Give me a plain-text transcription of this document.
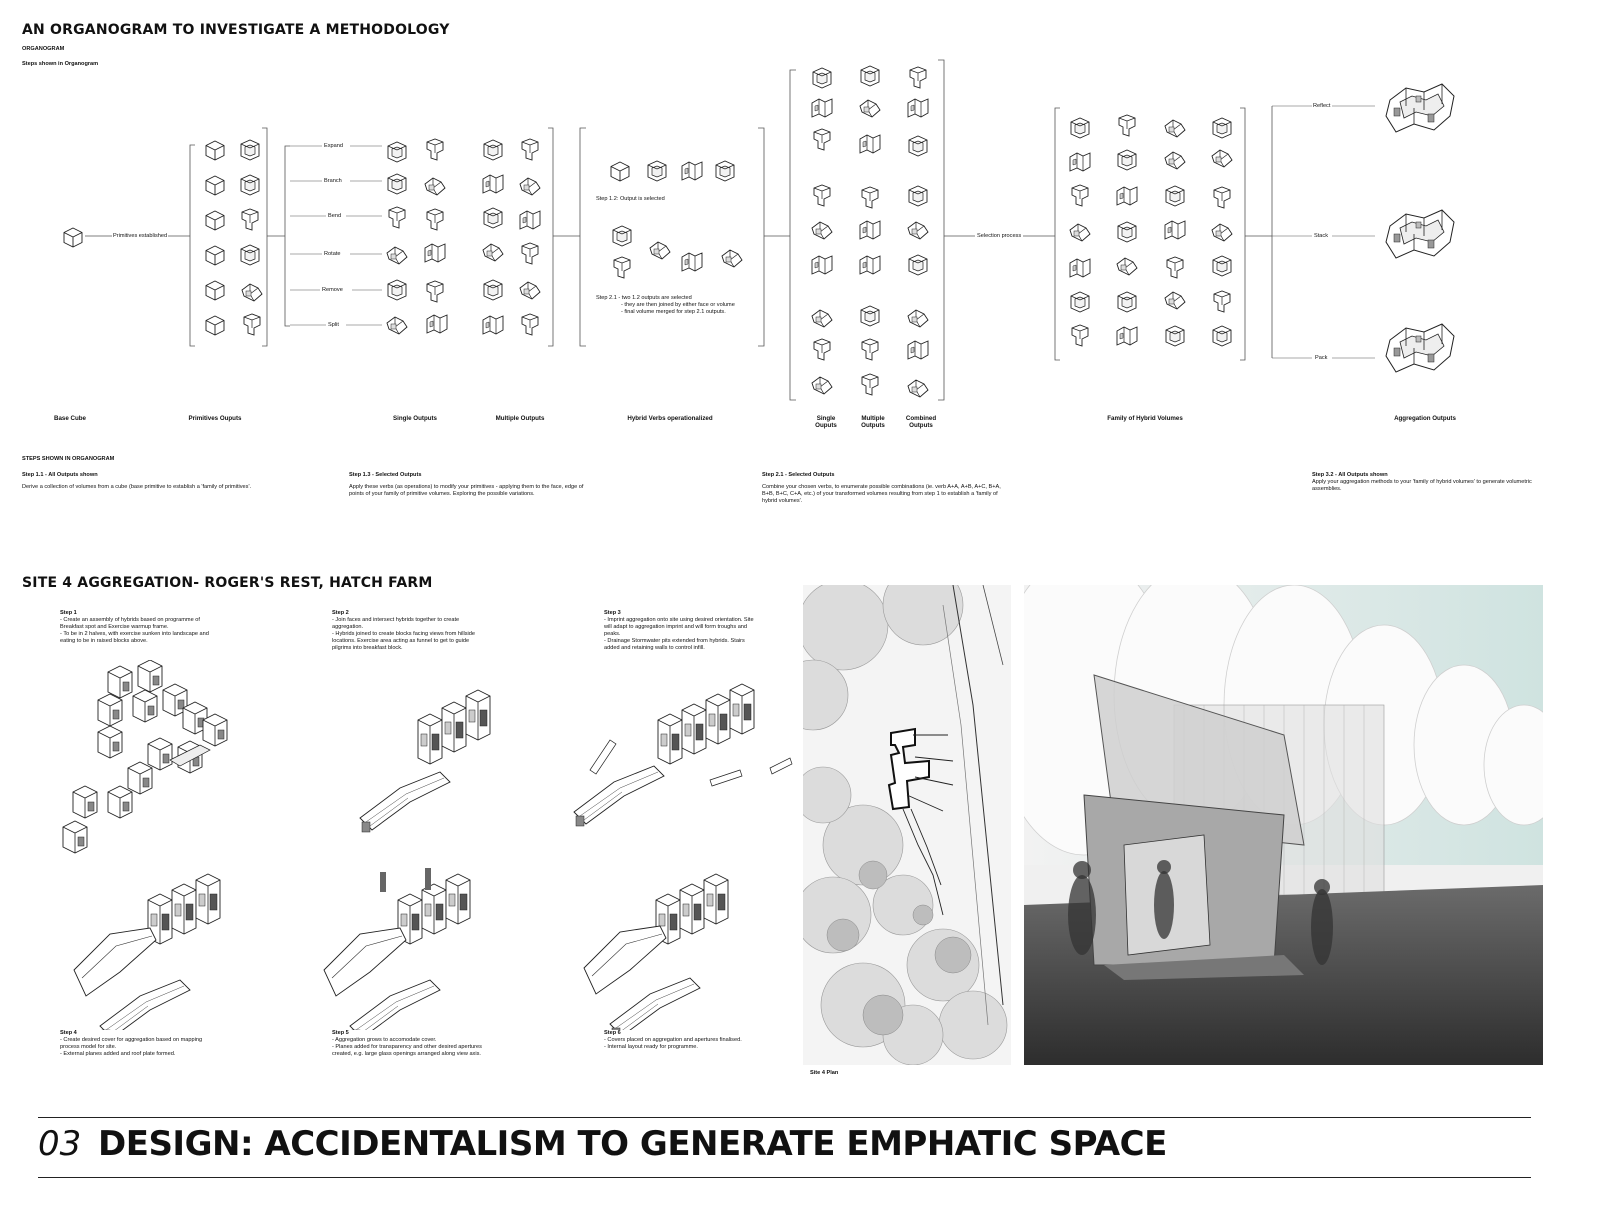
AN ORGANOGRAM TO INVESTIGATE A METHODOLOGY
ORGANOGRAM
Steps shown in Organogram
Primitives established
Expand
Branch
Bend
Rotate
Remove
Split
Step 1.2: Output is selected
Step 2.1 - two 1.2 outputs are selected
- they are then joined by either face or volume
- final volume merged for step 2.1 outputs.
Selection process
Reflect
Stack
Pack
Base Cube	Primitives Ouputs	Single Outputs	Multiple Outputs	Hybrid Verbs operationalized	Single
Ouputs
Multiple
Outputs
Combined
Outputs
Family of Hybrid Volumes	Aggregation Outputs
STEPS SHOWN IN ORGANOGRAM
Step 1.1 - All Outputs shown
Derive a collection of volumes from a cube (base primitive to establish a 'family of primitives'.
Step 1.3 - Selected Outputs
Apply these verbs (as operations) to modify your primitives - applying them to the face, edge of points of your family of primitive volumes. Exploring the possible variations.
Step 2.1 - Selected Outputs
Combine your chosen verbs, to enumerate possible combinations (ie. verb A+A, A+B, A+C, B+A, B+B, B+C, C+A, etc.) of your transformed volumes resulting from step 1 to establish a 'family of hybrid volumes'.
Step 3.2 - All Outputs shown
Apply your aggregation methods to your 'family of hybrid volumes' to generate volumetric assemblies.
SITE 4 AGGREGATION- ROGER'S REST, HATCH FARM

Step 1

- Create an assembly of hybrids based on programme of Breakfast spot and Exercise warmup frame.

- To be in 2 halves, with exercise sunken into landscape and eating to be in raised blocks above.

Step 2

- Join faces and intersect hybrids together to create aggregation.

- Hybrids joined to create blocks facing views from hillside locations. Exercise area acting as funnel to get to guide pilgrims into breakfast block.

Step 3

- Imprint aggregation onto site using desired orientation. Site will adapt to aggregation imprint and will form troughs and peaks.

- Drainage Stormwater pits extended from hybrids. Stairs added and retaining walls to control infill.

Step 4

- Create desired cover for aggregation based on mapping process model for site.

- External planes added and roof plate formed.

Step 5

- Aggregation grows to accomodate cover.

- Planes added for transparency and other desired apertures created, e.g. large glass openings arranged along view axis.

Step 6

- Covers placed on aggregation and apertures finalised.

- Internal layout ready for programme.

Site 4 Plan
03 DESIGN: ACCIDENTALISM TO GENERATE EMPHATIC SPACE
